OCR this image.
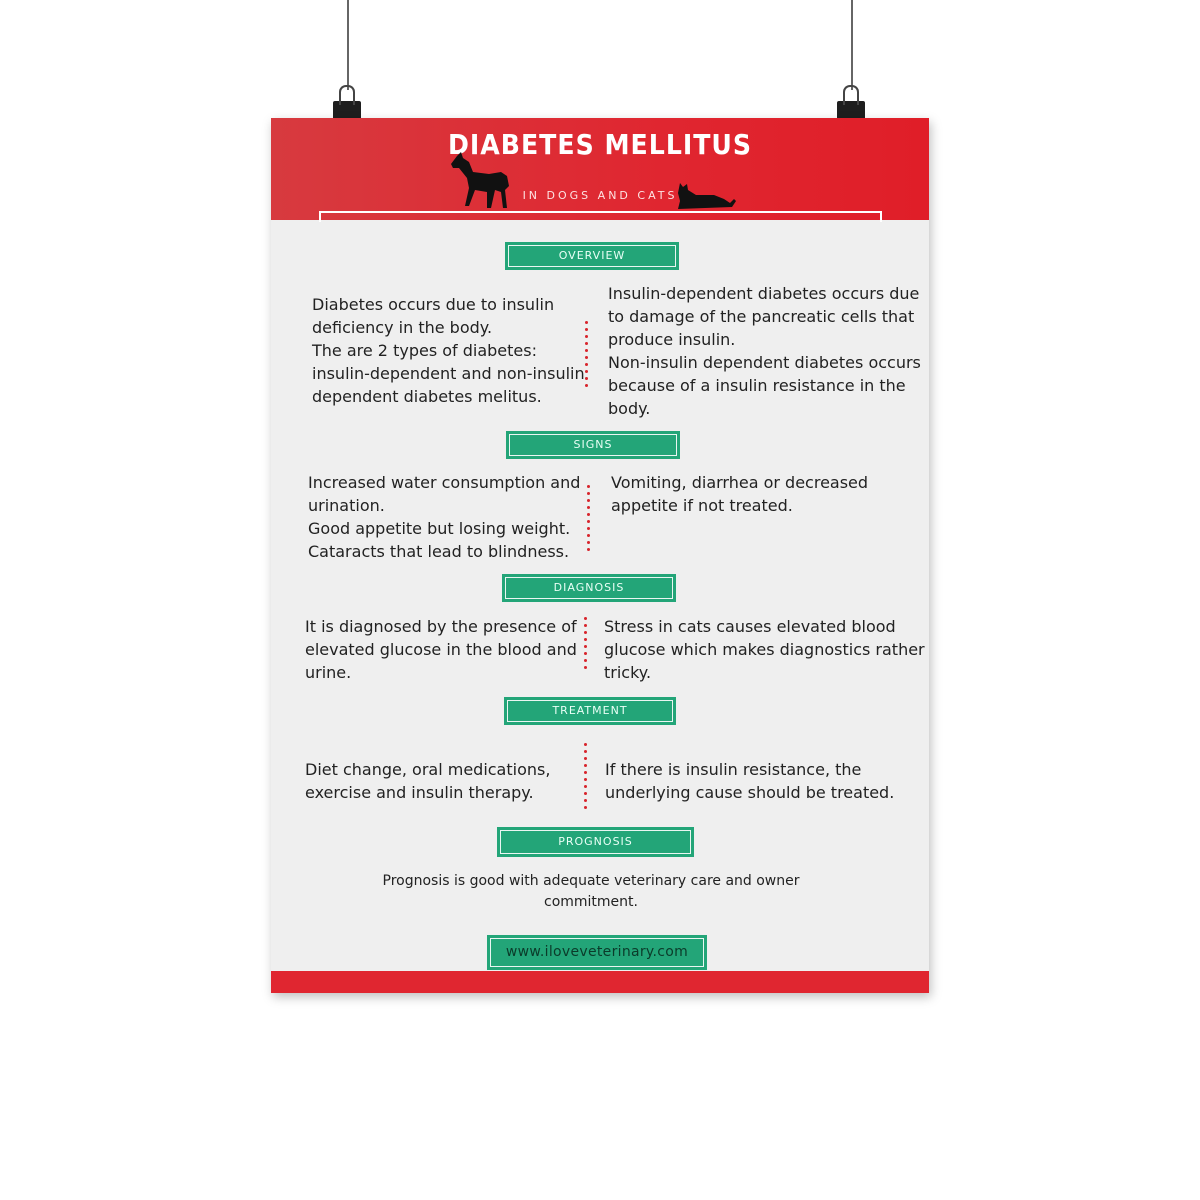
DIABETES MELLITUS
IN DOGS AND CATS
OVERVIEW
Diabetes occurs due to insulin
deficiency in the body.
The are 2 types of diabetes:
insulin-dependent and non-insulin
dependent diabetes melitus.
Insulin-dependent diabetes occurs due
to damage of the pancreatic cells that
produce insulin.
Non-insulin dependent diabetes occurs
because of a insulin resistance in the
body.
SIGNS
Increased water consumption and
urination.
Good appetite but losing weight.
Cataracts that lead to blindness.
Vomiting, diarrhea or decreased
appetite if not treated.
DIAGNOSIS
It is diagnosed by the presence of
elevated glucose in the blood and
urine.
Stress in cats causes elevated blood
glucose which makes diagnostics rather
tricky.
TREATMENT
Diet change, oral medications,
exercise and insulin therapy.
If there is insulin resistance, the
underlying cause should be treated.
PROGNOSIS
Prognosis is good with adequate veterinary care and owner commitment.
www.iloveveterinary.com
